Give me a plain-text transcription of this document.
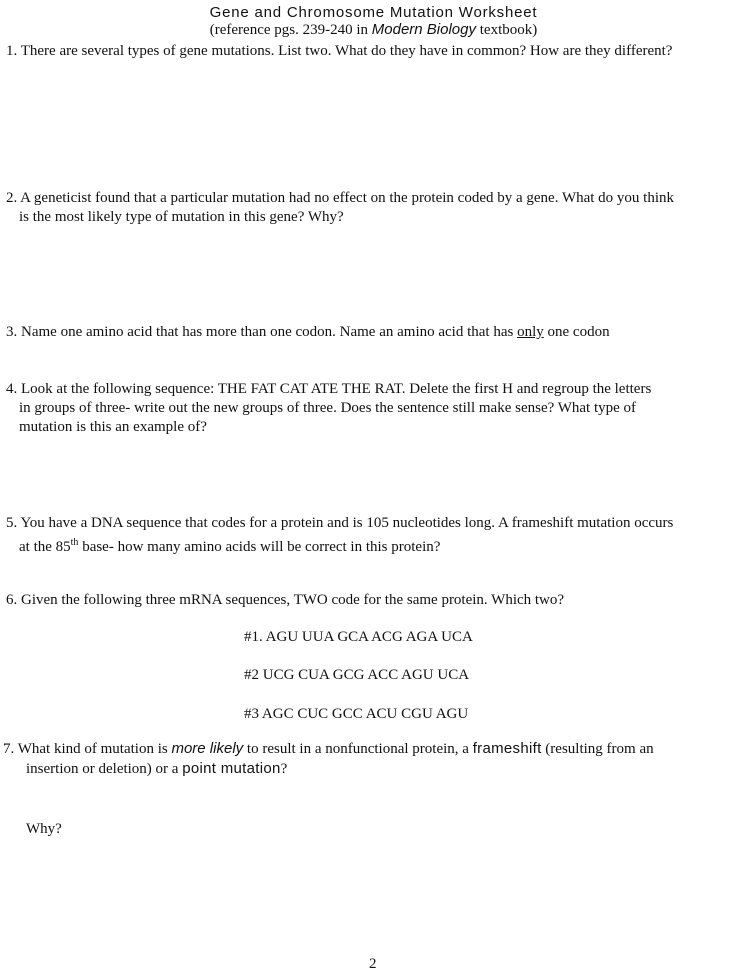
Gene and Chromosome Mutation Worksheet
(reference pgs. 239-240 in Modern Biology textbook)
1. There are several types of gene mutations. List two. What do they have in common? How are they different?
2. A geneticist found that a particular mutation had no effect on the protein coded by a gene. What do you think
is the most likely type of mutation in this gene? Why?
3. Name one amino acid that has more than one codon. Name an amino acid that has only one codon
4. Look at the following sequence: THE FAT CAT ATE THE RAT. Delete the first H and regroup the letters
in groups of three- write out the new groups of three. Does the sentence still make sense? What type of
mutation is this an example of?
5. You have a DNA sequence that codes for a protein and is 105 nucleotides long. A frameshift mutation occurs
at the 85th base- how many amino acids will be correct in this protein?
6. Given the following three mRNA sequences, TWO code for the same protein. Which two?
#1. AGU UUA GCA ACG AGA UCA
#2 UCG CUA GCG ACC AGU UCA
#3 AGC CUC GCC ACU CGU AGU
7. What kind of mutation is more likely to result in a nonfunctional protein, a frameshift (resulting from an
insertion or deletion) or a point mutation?
Why?
2
